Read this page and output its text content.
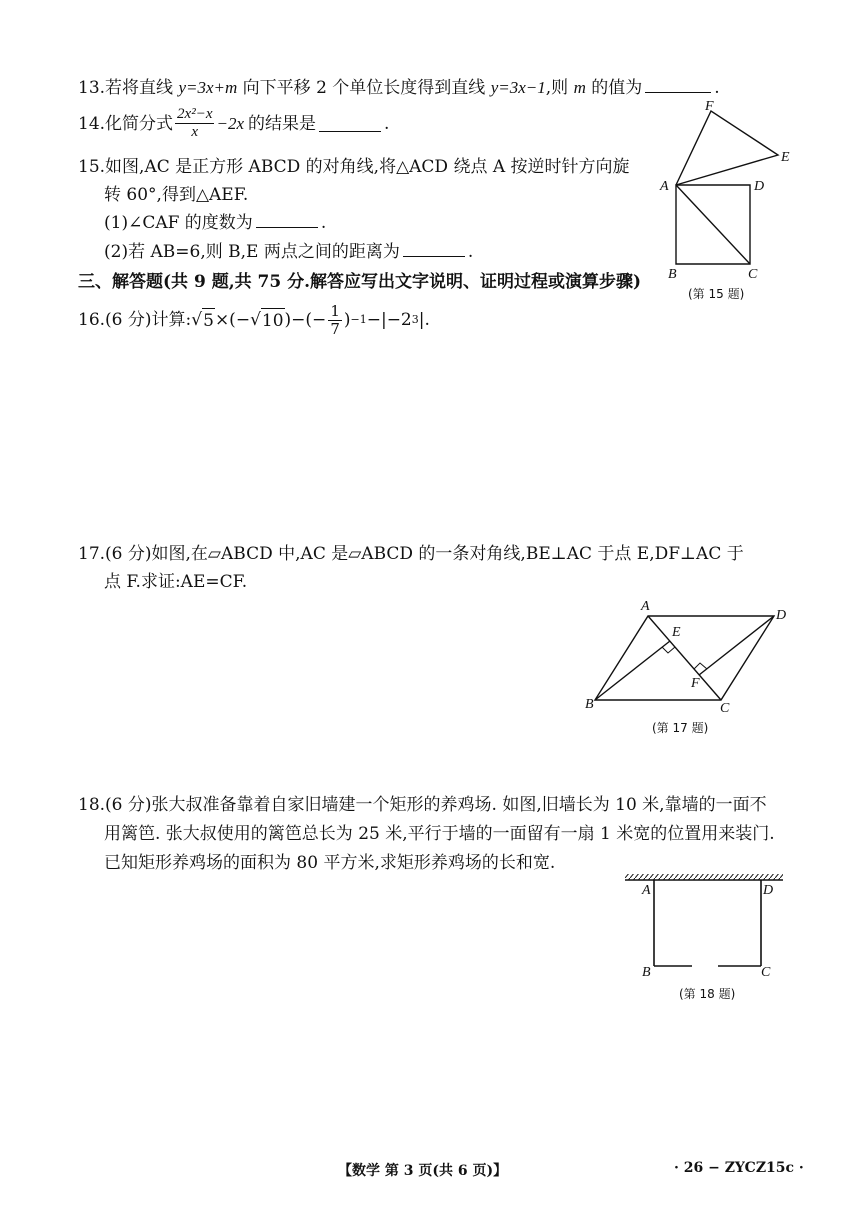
13.若将直线 y=3x+m 向下平移 2 个单位长度得到直线 y=3x−1,则 m 的值为	.
14. 化简分式 $\frac{\text{2x²−x}}{x} -2x$ 的结果是	.
15.如图,AC 是正方形 ABCD 的对角线,将△ACD 绕点 A 按逆时针方向旋
转 60°,得到△AEF.
(1)∠CAF 的度数为	.
(2)若 AB=6,则 B,E 两点之间的距离为	.
A	D
B	C
F
E
(第 15 题)
三、解答题(共 9 题,共 75 分.解答应写出文字说明、证明过程或演算步骤)
16. (6 分)计算: √ 5 ×(− √ 10 )−(− $\frac{1}{7}$ ) −1 −|−2 3 |.
17.(6 分)如图,在▱ABCD 中,AC 是▱ABCD 的一条对角线,BE⊥AC 于点 E,DF⊥AC 于
点 F.求证:AE=CF.
A
D
E
F
B	C
(第 17 题)
18.(6 分)张大叔准备靠着自家旧墙建一个矩形的养鸡场. 如图,旧墙长为 10 米,靠墙的一面不
用篱笆. 张大叔使用的篱笆总长为 25 米,平行于墙的一面留有一扇 1 米宽的位置用来装门.
已知矩形养鸡场的面积为 80 平方米,求矩形养鸡场的长和宽.
A	D
B	C
(第 18 题)
【数学 第 3 页(共 6 页)】	· 26 − ZYCZ15c ·
